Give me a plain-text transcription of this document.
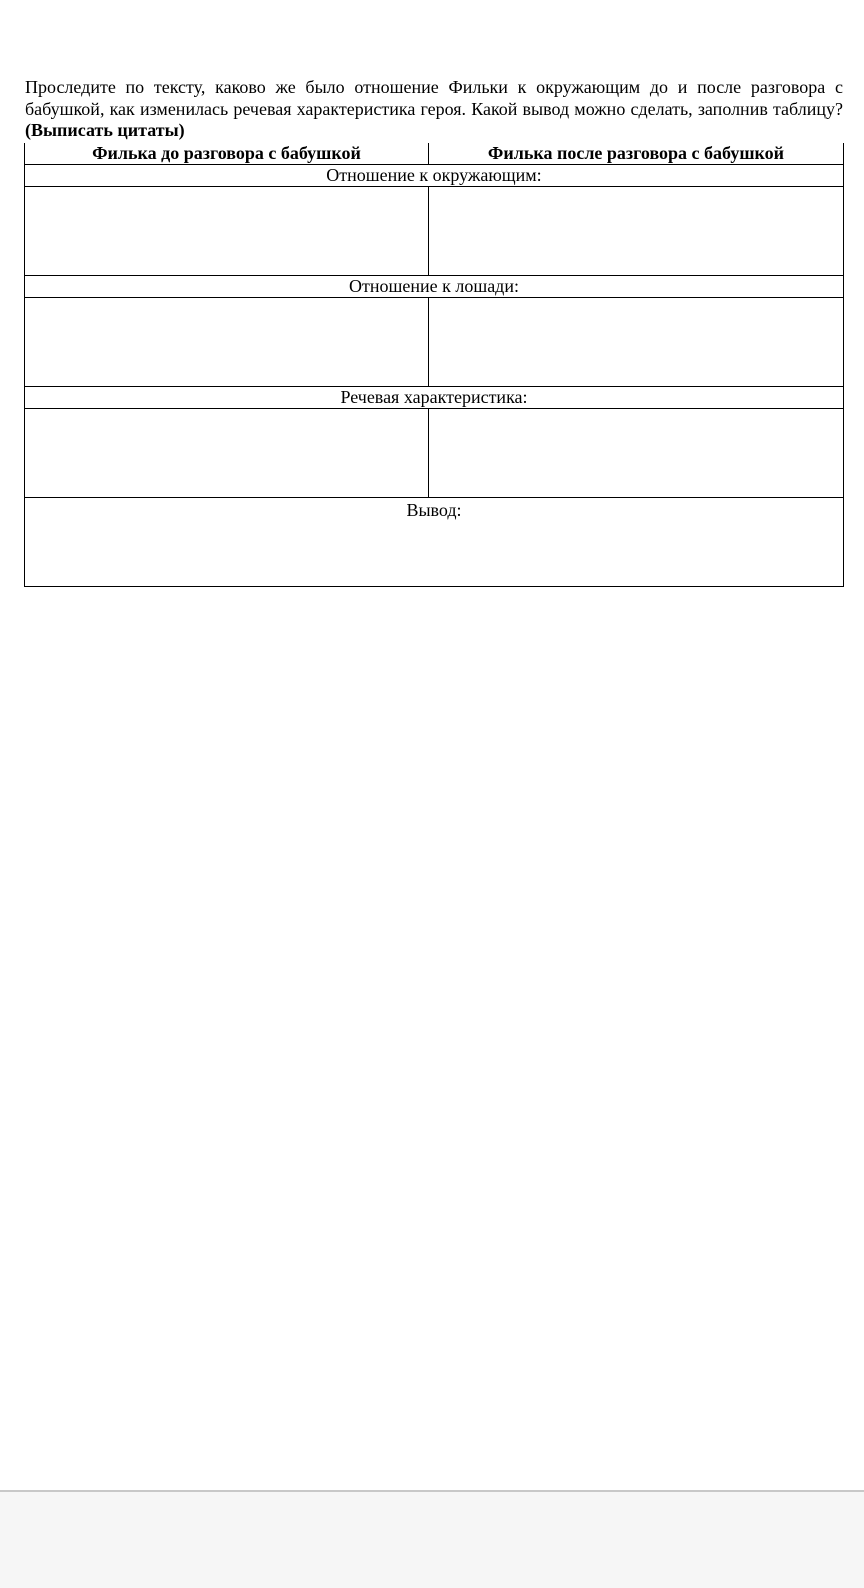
Проследите по тексту, каково же было отношение Фильки к окружающим до и после разговора с бабушкой, как изменилась речевая характеристика героя. Какой вывод можно сделать, заполнив таблицу? (Выписать цитаты)

Филька до разговора с бабушкой	Филька после разговора с бабушкой
Отношение к окружающим:	

Отношение к лошади:	

Речевая характеристика:	

Вывод:	
